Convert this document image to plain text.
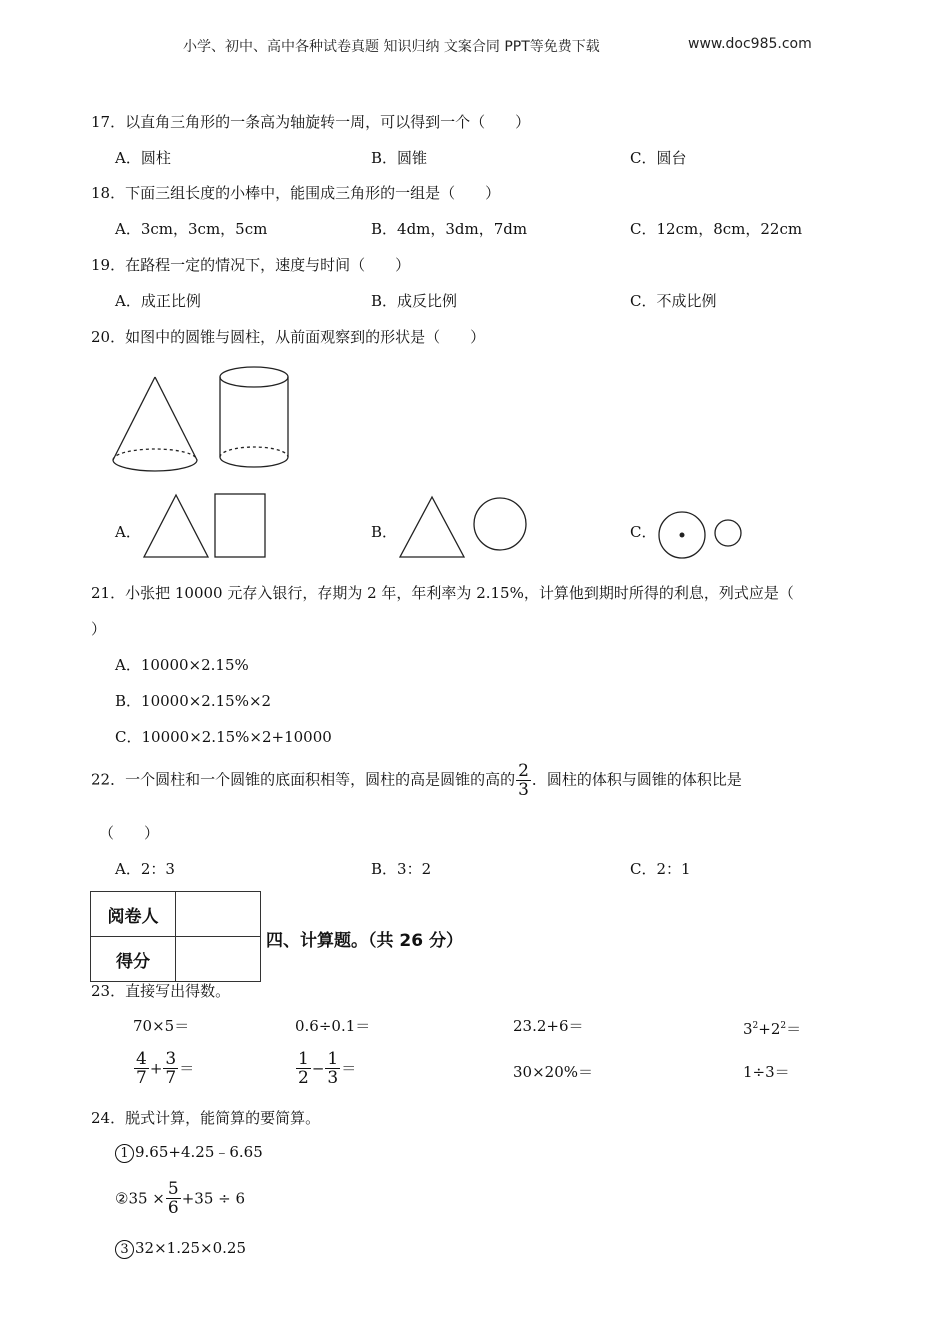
小学、初中、高中各种试卷真题 知识归纳 文案合同 PPT等免费下载	www.doc985.com
17．以直角三角形的一条高为轴旋转一周，可以得到一个（　　）
A．圆柱	B．圆锥	C．圆台
18．下面三组长度的小棒中，能围成三角形的一组是（　　）
A．3cm，3cm，5cm	B．4dm，3dm，7dm	C．12cm，8cm，22cm
19．在路程一定的情况下，速度与时间（　　）
A．成正比例	B．成反比例	C．不成比例
20．如图中的圆锥与圆柱，从前面观察到的形状是（　　）
A．	B．	C．
21．小张把 10000 元存入银行，存期为 2 年，年利率为 2.15%，计算他到期时所得的利息，列式应是（
）
A．10000×2.15%
B．10000×2.15%×2
C．10000×2.15%×2+10000
22．一个圆柱和一个圆锥的底面积相等，圆柱的高是圆锥的高的 $\frac{2}{3}$ ．圆柱的体积与圆锥的体积比是
（　　）
A．2：3	B．3：2	C．2：1
阅卷人	
得分	
四、计算题。（共 26 分）
23．直接写出得数。
70×5＝	0.6÷0.1＝	23.2+6＝	$3^2+2^2=$
$\frac{4}{7} + \frac{3}{7}$ ＝	$\frac{1}{2} - \frac{1}{3}$ ＝	30×20%＝	1÷3＝
24．脱式计算，能简算的要简算。
1 9.65+4.25﹣6.65
②35 × $\frac{5}{6} +35 \div 6$
3 32×1.25×0.25
